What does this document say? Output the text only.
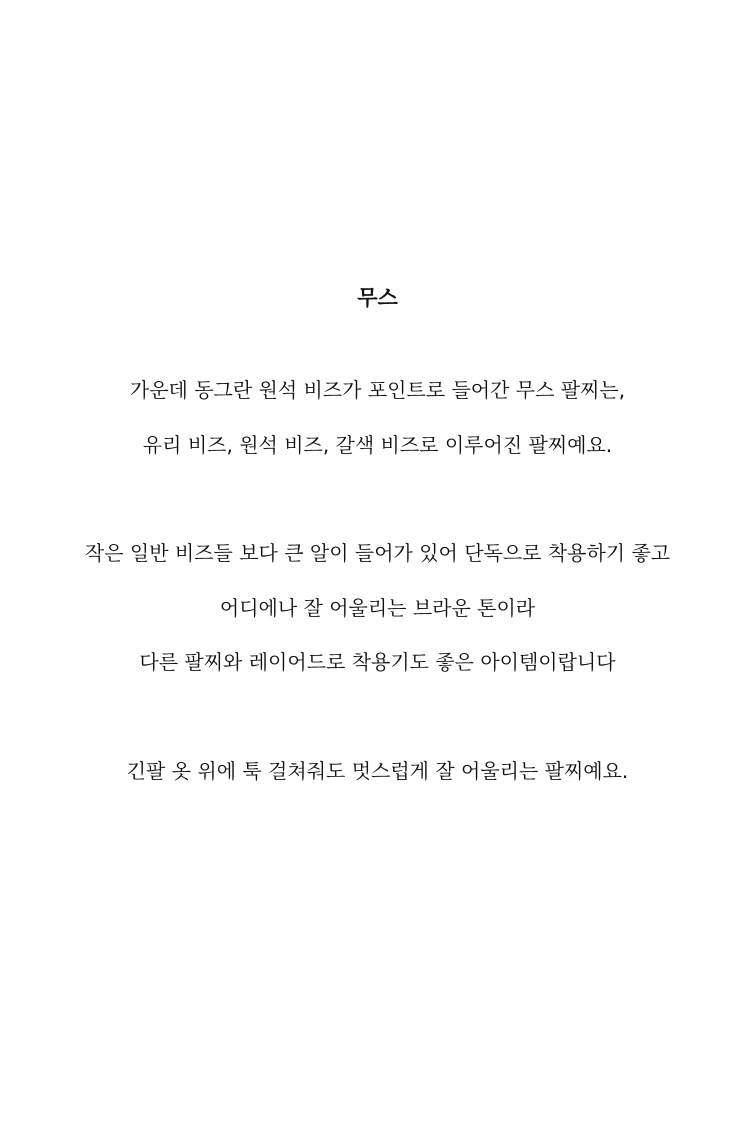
무스
가운데 동그란 원석 비즈가 포인트로 들어간 무스 팔찌는,
유리 비즈, 원석 비즈, 갈색 비즈로 이루어진 팔찌예요.
작은 일반 비즈들 보다 큰 알이 들어가 있어 단독으로 착용하기 좋고
어디에나 잘 어울리는 브라운 톤이라
다른 팔찌와 레이어드로 착용기도 좋은 아이템이랍니다
긴팔 옷 위에 툭 걸쳐줘도 멋스럽게 잘 어울리는 팔찌예요.
